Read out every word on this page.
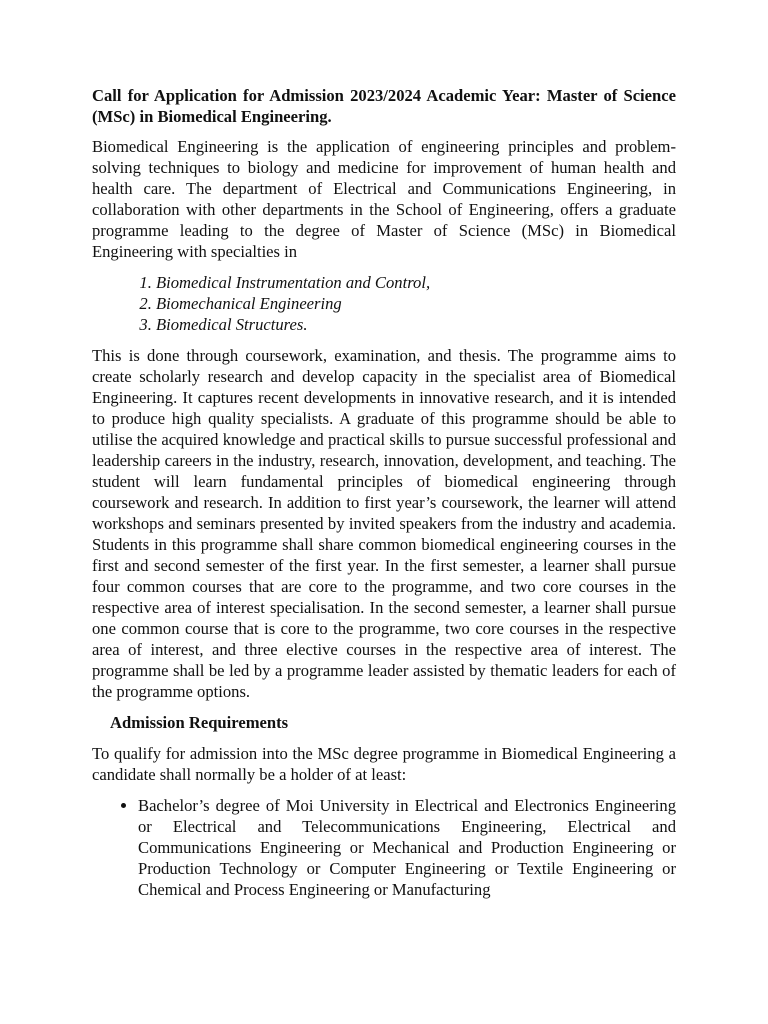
Call for Application for Admission 2023/2024 Academic Year: Master of Science (MSc) in Biomedical Engineering.

Biomedical Engineering is the application of engineering principles and problem-solving techniques to biology and medicine for improvement of human health and health care. The department of Electrical and Communications Engineering, in collaboration with other departments in the School of Engineering, offers a graduate programme leading to the degree of Master of Science (MSc) in Biomedical Engineering with specialties in

1. Biomedical Instrumentation and Control,
2. Biomechanical Engineering
3. Biomedical Structures.

This is done through coursework, examination, and thesis. The programme aims to create scholarly research and develop capacity in the specialist area of Biomedical Engineering. It captures recent developments in innovative research, and it is intended to produce high quality specialists. A graduate of this programme should be able to utilise the acquired knowledge and practical skills to pursue successful professional and leadership careers in the industry, research, innovation, development, and teaching. The student will learn fundamental principles of biomedical engineering through coursework and research. In addition to first year’s coursework, the learner will attend workshops and seminars presented by invited speakers from the industry and academia. Students in this programme shall share common biomedical engineering courses in the first and second semester of the first year. In the first semester, a learner shall pursue four common courses that are core to the programme, and two core courses in the respective area of interest specialisation. In the second semester, a learner shall pursue one common course that is core to the programme, two core courses in the respective area of interest, and three elective courses in the respective area of interest. The programme shall be led by a programme leader assisted by thematic leaders for each of the programme options.

Admission Requirements

To qualify for admission into the MSc degree programme in Biomedical Engineering a candidate shall normally be a holder of at least:

• Bachelor’s degree of Moi University in Electrical and Electronics Engineering or Electrical and Telecommunications Engineering, Electrical and Communications Engineering or Mechanical and Production Engineering or Production Technology or Computer Engineering or Textile Engineering or Chemical and Process Engineering or Manufacturing
